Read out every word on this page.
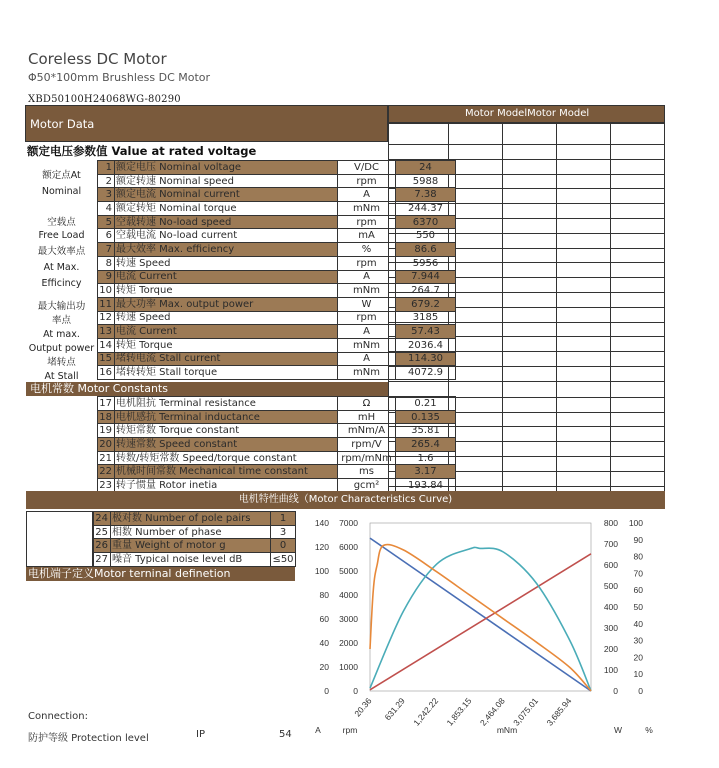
Coreless DC Motor
Φ50*100mm Brushless DC Motor
XBD50100H24068WG-80290
Motor Data
Motor ModelMotor Model

额定电压参数值 Value at rated voltage
额定点At
Nominal
空载点
Free Load
最大效率点
At Max.
Efficincy
最大输出功
率点
At max.
Output power
堵转点
At Stall
1	额定电压 Nominal voltage	V/DC	24
2	额定转速 Nominal speed	rpm	5988
3	额定电流 Nominal current	A	7.38
4	额定转矩 Nominal torque	mNm	244.37
5	空载转速 No-load speed	rpm	6370
6	空载电流 No-load current	mA	550
7	最大效率 Max. efficiency	%	86.6
8	转速 Speed	rpm	5956
9	电流 Current	A	7.944
10	转矩 Torque	mNm	264.7
11	最大功率 Max. output power	W	679.2
12	转速 Speed	rpm	3185
13	电流 Current	A	57.43
14	转矩 Torque	mNm	2036.4
15	堵转电流 Stall current	A	114.30
16	堵转转矩 Stall torque	mNm	4072.9
电机常数 Motor Constants
17	电机阻抗 Terminal resistance	Ω	0.21
18	电机感抗 Terminal inductance	mH	0.135
19	转矩常数 Torque constant	mNm/A	35.81
20	转速常数 Speed constant	rpm/V	265.4
21	转数/转矩常数 Speed/torque constant	rpm/mNm	1.6
22	机械时间常数 Mechanical time constant	ms	3.17
23	转子惯量 Rotor inetia	gcm²	193.84
电机特性曲线（Motor Characteristics Curve)
24	极对数 Number of pole pairs	1
25	相数 Number of phase	3
26	重量 Weight of motor g	0
27	噪音 Typical noise level dB	≤50
电机端子定义Motor terninal definetion
0
20
40
60
80
100
120
140
0
1000
2000
3000
4000
5000
6000
7000
0
100
200
300
400
500
600
700
800
0
10
20
30
40
50
60
70
80
90
100
A	rpm	W	%
20.36 631.29 1,242.22 1,853.15 2,464.08 3,075.01 3,685.94
mNm
Connection:
防护等级 Protection level	IP	54
